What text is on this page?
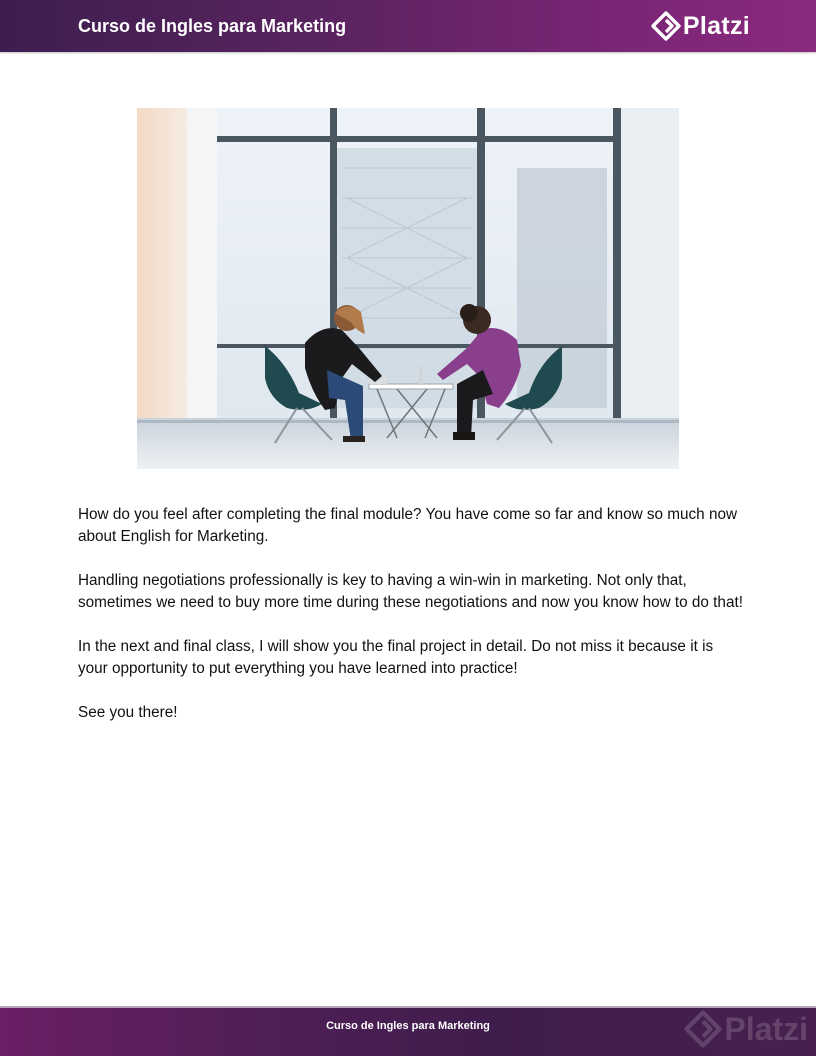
Curso de Ingles para Marketing	Platzi

How do you feel after completing the final module? You have come so far and know so much now about English for Marketing.

Handling negotiations professionally is key to having a win-win in marketing. Not only that, sometimes we need to buy more time during these negotiations and now you know how to do that!

In the next and final class, I will show you the final project in detail. Do not miss it because it is your opportunity to put everything you have learned into practice!

See you there!

Curso de Ingles para Marketing	Platzi
